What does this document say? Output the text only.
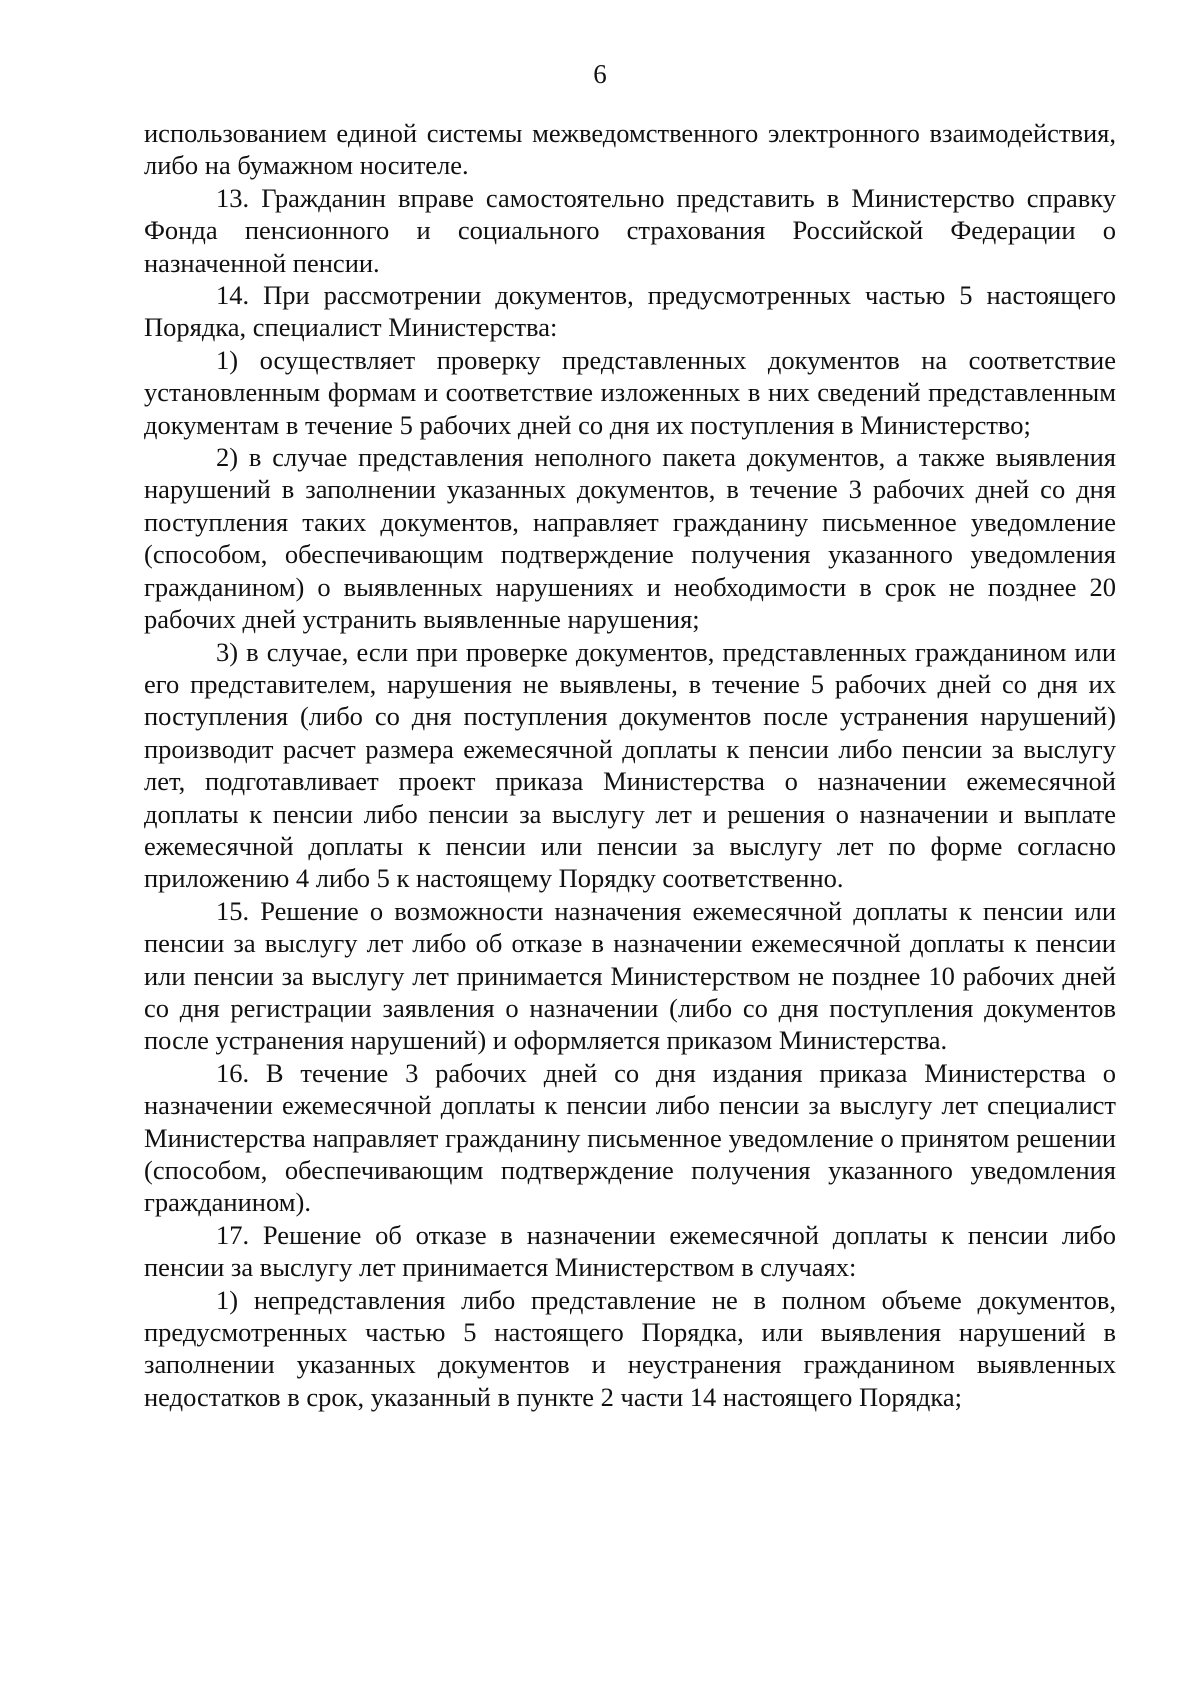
6

использованием единой системы межведомственного электронного взаимодействия, либо на бумажном носителе.

13. Гражданин вправе самостоятельно представить в Министерство справку Фонда пенсионного и социального страхования Российской Федерации о назначенной пенсии.

14. При рассмотрении документов, предусмотренных частью 5 настоящего Порядка, специалист Министерства:

1) осуществляет проверку представленных документов на соответствие установленным формам и соответствие изложенных в них сведений представленным документам в течение 5 рабочих дней со дня их поступления в Министерство;

2) в случае представления неполного пакета документов, а также выявления нарушений в заполнении указанных документов, в течение 3 рабочих дней со дня поступления таких документов, направляет гражданину письменное уведомление (способом, обеспечивающим подтверждение получения указанного уведомления гражданином) о выявленных нарушениях и необходимости в срок не позднее 20 рабочих дней устранить выявленные нарушения;

3) в случае, если при проверке документов, представленных гражданином или его представителем, нарушения не выявлены, в течение 5 рабочих дней со дня их поступления (либо со дня поступления документов после устранения нарушений) производит расчет размера ежемесячной доплаты к пенсии либо пенсии за выслугу лет, подготавливает проект приказа Министерства о назначении ежемесячной доплаты к пенсии либо пенсии за выслугу лет и решения о назначении и выплате ежемесячной доплаты к пенсии или пенсии за выслугу лет по форме согласно приложению 4 либо 5 к настоящему Порядку соответственно.

15. Решение о возможности назначения ежемесячной доплаты к пенсии или пенсии за выслугу лет либо об отказе в назначении ежемесячной доплаты к пенсии или пенсии за выслугу лет принимается Министерством не позднее 10 рабочих дней со дня регистрации заявления о назначении (либо со дня поступления документов после устранения нарушений) и оформляется приказом Министерства.

16. В течение 3 рабочих дней со дня издания приказа Министерства о назначении ежемесячной доплаты к пенсии либо пенсии за выслугу лет специалист Министерства направляет гражданину письменное уведомление о принятом решении (способом, обеспечивающим подтверждение получения указанного уведомления гражданином).

17. Решение об отказе в назначении ежемесячной доплаты к пенсии либо пенсии за выслугу лет принимается Министерством в случаях:

1) непредставления либо представление не в полном объеме документов, предусмотренных частью 5 настоящего Порядка, или выявления нарушений в заполнении указанных документов и неустранения гражданином выявленных недостатков в срок, указанный в пункте 2 части 14 настоящего Порядка;
